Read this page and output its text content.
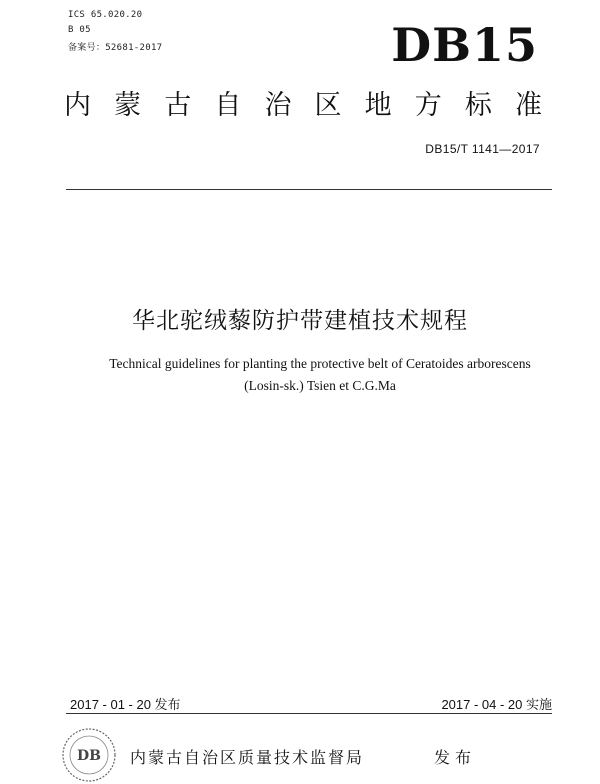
ICS 65.020.20
B 05
备案号：52681-2017	DB15
内 蒙 古 自 治 区 地 方 标 准
DB15/T 1141—2017
华北驼绒藜防护带建植技术规程
Technical guidelines for planting the protective belt of Ceratoides arborescens
(Losin-sk.) Tsien et C.G.Ma
2017 - 01 - 20 发布	2017 - 04 - 20 实施
DB 内蒙古自治区质量技术监督局	发布
